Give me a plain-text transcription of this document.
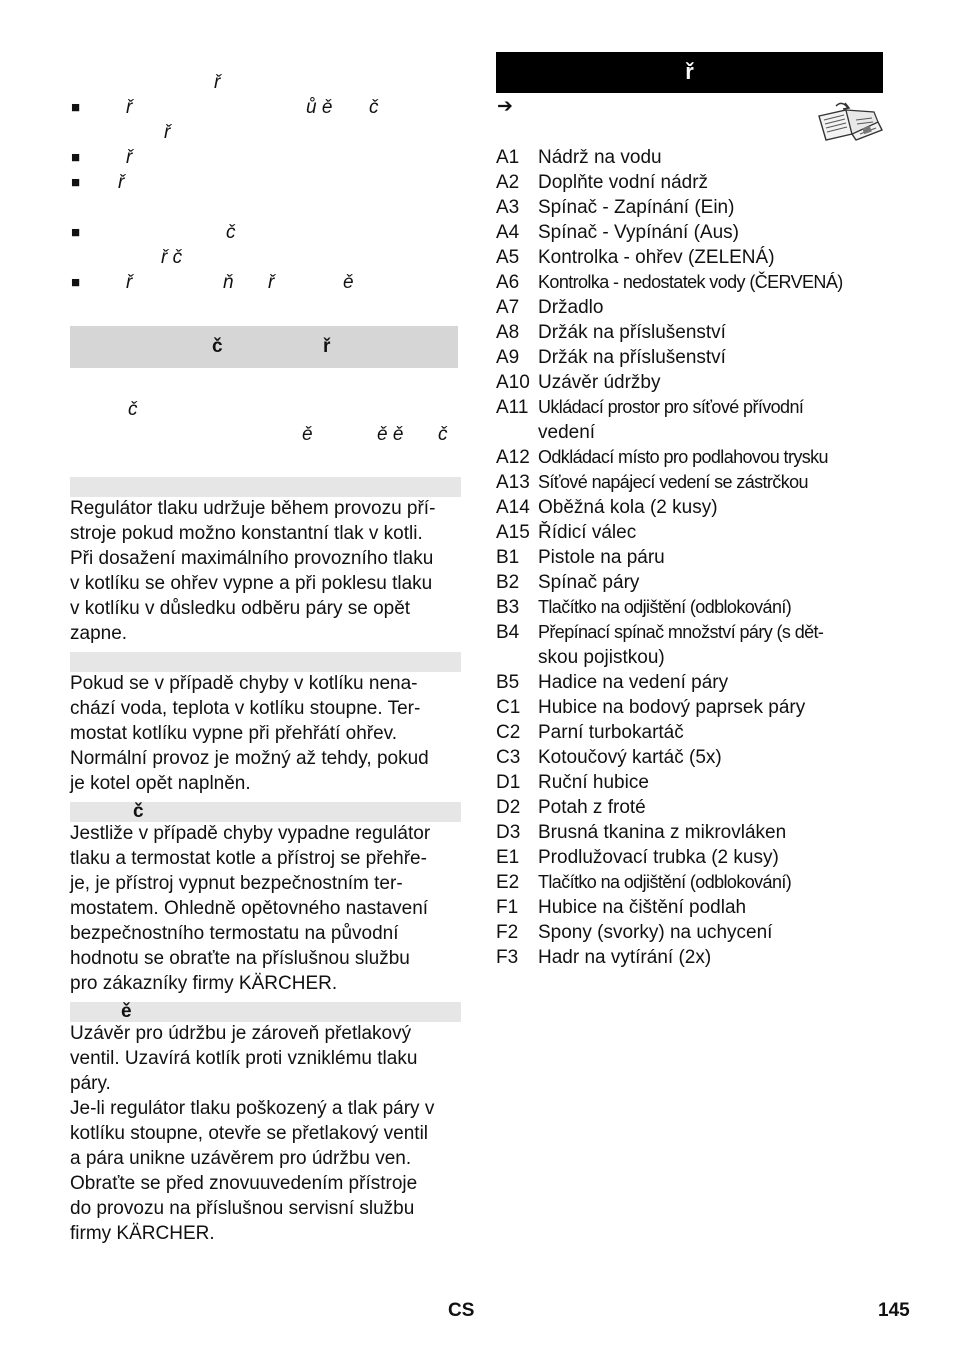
ř
■ ř	ů ě č
ř
■ ř
■ ř
■	č
ř č
■ ř	ň ř	ě
č	ř
č
ě	ě ě č
Regulátor tlaku udržuje během provozu pří-
stroje pokud možno konstantní tlak v kotli.
Při dosažení maximálního provozního tlaku
v kotlíku se ohřev vypne a při poklesu tlaku
v kotlíku v důsledku odběru páry se opět
zapne.
Pokud se v případě chyby v kotlíku nena-
chází voda, teplota v kotlíku stoupne. Ter-
mostat kotlíku vypne při přehřátí ohřev.
Normální provoz je možný až tehdy, pokud
je kotel opět naplněn.
č
Jestliže v případě chyby vypadne regulátor
tlaku a termostat kotle a přístroj se přehře-
je, je přístroj vypnut bezpečnostním ter-
mostatem. Ohledně opětovného nastavení
bezpečnostního termostatu na původní
hodnotu se obraťte na příslušnou službu
pro zákazníky firmy KÄRCHER.
ě
Uzávěr pro údržbu je zároveň přetlakový
ventil. Uzavírá kotlík proti vzniklému tlaku
páry.
Je-li regulátor tlaku poškozený a tlak páry v
kotlíku stoupne, otevře se přetlakový ventil
a pára unikne uzávěrem pro údržbu ven.
Obraťte se před znovuuvedením přístroje
do provozu na příslušnou servisní službu
firmy KÄRCHER.
ř
➔
A1 Nádrž na vodu
A2 Doplňte vodní nádrž
A3 Spínač - Zapínání (Ein)
A4 Spínač - Vypínání (Aus)
A5 Kontrolka - ohřev (ZELENÁ)
A6 Kontrolka - nedostatek vody (ČERVENÁ)
A7 Držadlo
A8 Držák na příslušenství
A9 Držák na příslušenství
A10 Uzávěr údržby
A11 Ukládací prostor pro síťové přívodní
vedení
A12 Odkládací místo pro podlahovou trysku
A13 Síťové napájecí vedení se zástrčkou
A14 Oběžná kola (2 kusy)
A15 Řídicí válec
B1 Pistole na páru
B2 Spínač páry
B3 Tlačítko na odjištění (odblokování)
B4 Přepínací spínač množství páry (s dět-
skou pojistkou)
B5 Hadice na vedení páry
C1 Hubice na bodový paprsek páry
C2 Parní turbokartáč
C3 Kotoučový kartáč (5x)
D1 Ruční hubice
D2 Potah z froté
D3 Brusná tkanina z mikrovláken
E1 Prodlužovací trubka (2 kusy)
E2 Tlačítko na odjištění (odblokování)
F1 Hubice na čištění podlah
F2 Spony (svorky) na uchycení
F3 Hadr na vytírání (2x)
CS	145
